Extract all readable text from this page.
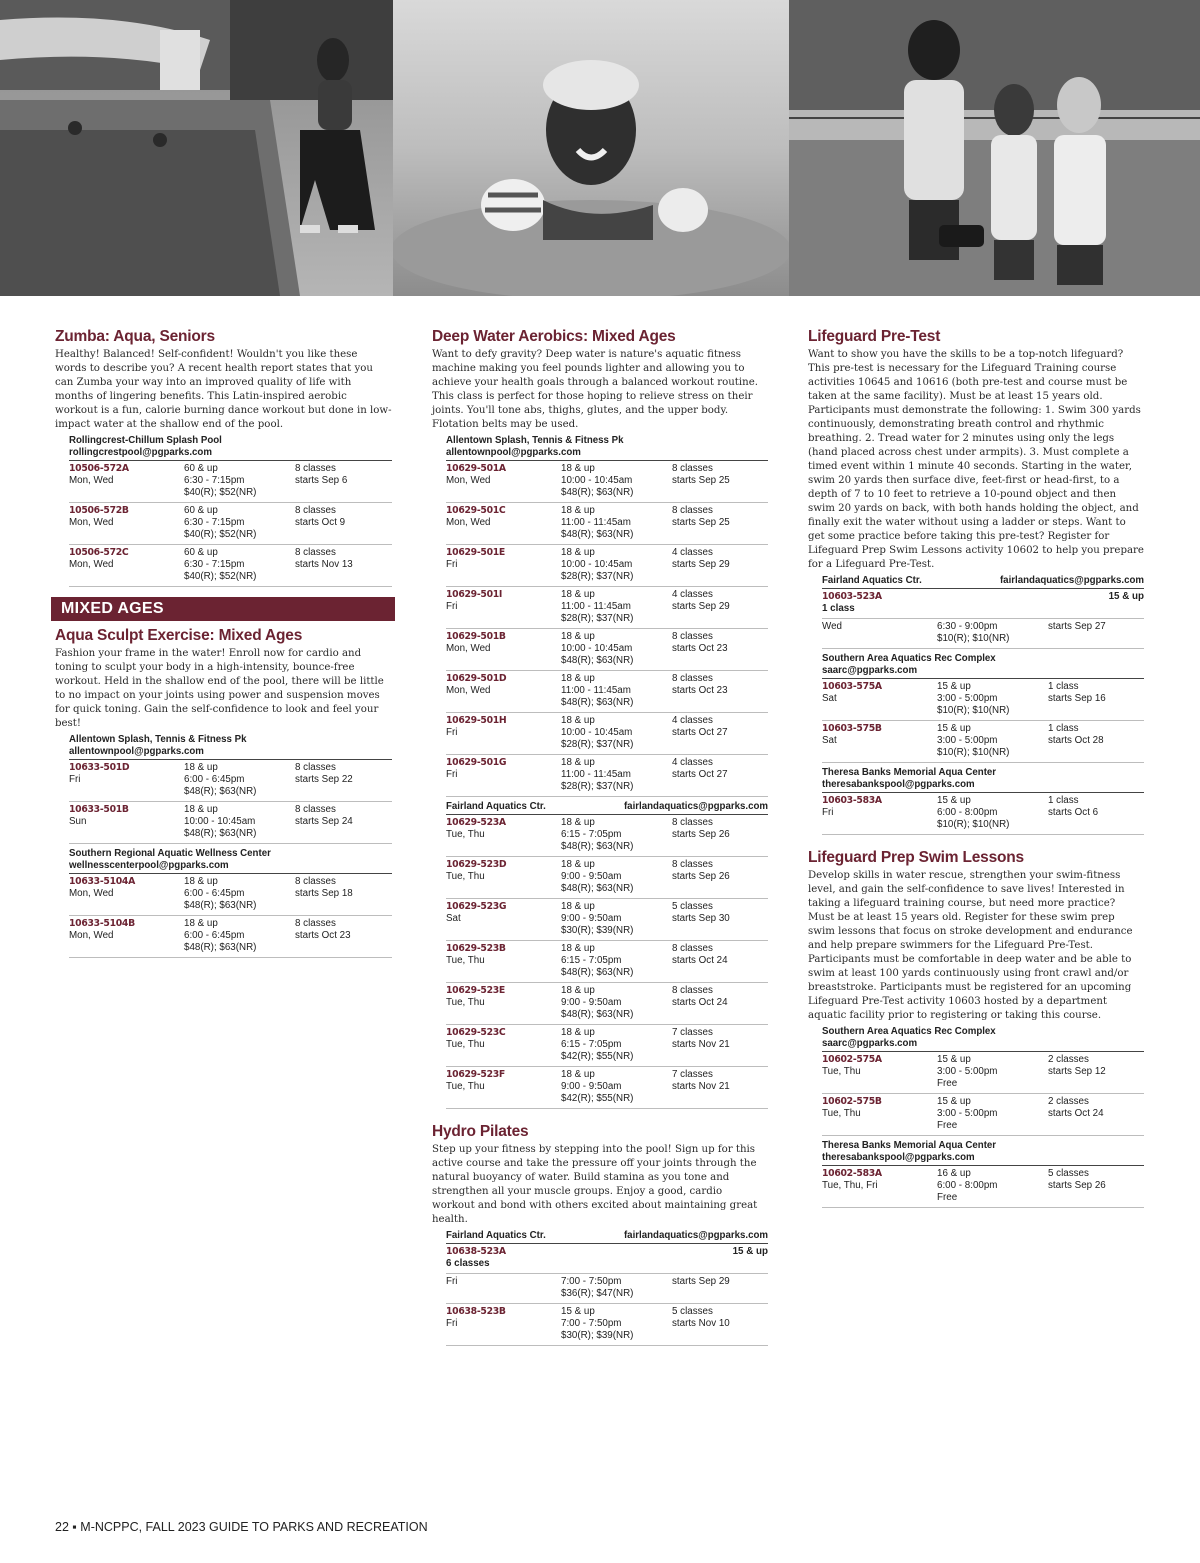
Zumba: Aqua, Seniors

Healthy! Balanced! Self-confident! Wouldn't you like these words to describe you? A recent health report states that you can Zumba your way into an improved quality of life with months of lingering benefits. This Latin-inspired aerobic workout is a fun, calorie burning dance workout but done in low-impact water at the shallow end of the pool.

Rollingcrest-Chillum Splash Pool
rollingcrestpool@pgparks.com
10506-572A	60 & up	8 classes
Mon, Wed	6:30 - 7:15pm	starts Sep 6
$40(R); $52(NR)
10506-572B	60 & up	8 classes
Mon, Wed	6:30 - 7:15pm	starts Oct 9
$40(R); $52(NR)
10506-572C	60 & up	8 classes
Mon, Wed	6:30 - 7:15pm	starts Nov 13
$40(R); $52(NR)
MIXED AGES
Aqua Sculpt Exercise: Mixed Ages

Fashion your frame in the water! Enroll now for cardio and toning to sculpt your body in a high-intensity, bounce-free workout. Held in the shallow end of the pool, there will be little to no impact on your joints using power and suspension moves for quick toning. Gain the self-confidence to look and feel your best!

Allentown Splash, Tennis & Fitness Pk
allentownpool@pgparks.com
10633-501D	18 & up	8 classes
Fri	6:00 - 6:45pm	starts Sep 22
$48(R); $63(NR)
10633-501B	18 & up	8 classes
Sun	10:00 - 10:45am	starts Sep 24
$48(R); $63(NR)
Southern Regional Aquatic Wellness Center
wellnesscenterpool@pgparks.com
10633-5104A	18 & up	8 classes
Mon, Wed	6:00 - 6:45pm	starts Sep 18
$48(R); $63(NR)
10633-5104B	18 & up	8 classes
Mon, Wed	6:00 - 6:45pm	starts Oct 23
$48(R); $63(NR)
Deep Water Aerobics: Mixed Ages

Want to defy gravity? Deep water is nature's aquatic fitness machine making you feel pounds lighter and allowing you to achieve your health goals through a balanced workout routine. This class is perfect for those hoping to relieve stress on their joints. You'll tone abs, thighs, glutes, and the upper body. Flotation belts may be used.

Allentown Splash, Tennis & Fitness Pk
allentownpool@pgparks.com
10629-501A	18 & up	8 classes
Mon, Wed	10:00 - 10:45am	starts Sep 25
$48(R); $63(NR)
10629-501C	18 & up	8 classes
Mon, Wed	11:00 - 11:45am	starts Sep 25
$48(R); $63(NR)
10629-501E	18 & up	4 classes
Fri	10:00 - 10:45am	starts Sep 29
$28(R); $37(NR)
10629-501I	18 & up	4 classes
Fri	11:00 - 11:45am	starts Sep 29
$28(R); $37(NR)
10629-501B	18 & up	8 classes
Mon, Wed	10:00 - 10:45am	starts Oct 23
$48(R); $63(NR)
10629-501D	18 & up	8 classes
Mon, Wed	11:00 - 11:45am	starts Oct 23
$48(R); $63(NR)
10629-501H	18 & up	4 classes
Fri	10:00 - 10:45am	starts Oct 27
$28(R); $37(NR)
10629-501G	18 & up	4 classes
Fri	11:00 - 11:45am	starts Oct 27
$28(R); $37(NR)
Fairland Aquatics Ctr.	fairlandaquatics@pgparks.com
10629-523A	18 & up	8 classes
Tue, Thu	6:15 - 7:05pm	starts Sep 26
$48(R); $63(NR)
10629-523D	18 & up	8 classes
Tue, Thu	9:00 - 9:50am	starts Sep 26
$48(R); $63(NR)
10629-523G	18 & up	5 classes
Sat	9:00 - 9:50am	starts Sep 30
$30(R); $39(NR)
10629-523B	18 & up	8 classes
Tue, Thu	6:15 - 7:05pm	starts Oct 24
$48(R); $63(NR)
10629-523E	18 & up	8 classes
Tue, Thu	9:00 - 9:50am	starts Oct 24
$48(R); $63(NR)
10629-523C	18 & up	7 classes
Tue, Thu	6:15 - 7:05pm	starts Nov 21
$42(R); $55(NR)
10629-523F	18 & up	7 classes
Tue, Thu	9:00 - 9:50am	starts Nov 21
$42(R); $55(NR)
Hydro Pilates

Step up your fitness by stepping into the pool! Sign up for this active course and take the pressure off your joints through the natural buoyancy of water. Build stamina as you tone and strengthen all your muscle groups. Enjoy a good, cardio workout and bond with others excited about maintaining great health.

Fairland Aquatics Ctr.	fairlandaquatics@pgparks.com
10638-523A	15 & up
6 classes
Fri	7:00 - 7:50pm	starts Sep 29
$36(R); $47(NR)
10638-523B	15 & up	5 classes
Fri	7:00 - 7:50pm	starts Nov 10
$30(R); $39(NR)
Lifeguard Pre-Test

Want to show you have the skills to be a top-notch lifeguard? This pre-test is necessary for the Lifeguard Training course activities 10645 and 10616 (both pre-test and course must be taken at the same facility). Must be at least 15 years old. Participants must demonstrate the following: 1. Swim 300 yards continuously, demonstrating breath control and rhythmic breathing. 2. Tread water for 2 minutes using only the legs (hand placed across chest under armpits). 3. Must complete a timed event within 1 minute 40 seconds. Starting in the water, swim 20 yards then surface dive, feet-first or head-first, to a depth of 7 to 10 feet to retrieve a 10-pound object and then swim 20 yards on back, with both hands holding the object, and finally exit the water without using a ladder or steps. Want to get some practice before taking this pre-test? Register for Lifeguard Prep Swim Lessons activity 10602 to help you prepare for a Lifeguard Pre-Test.

Fairland Aquatics Ctr.	fairlandaquatics@pgparks.com
10603-523A	15 & up
1 class
Wed	6:30 - 9:00pm	starts Sep 27
$10(R); $10(NR)
Southern Area Aquatics Rec Complex
saarc@pgparks.com
10603-575A	15 & up	1 class
Sat	3:00 - 5:00pm	starts Sep 16
$10(R); $10(NR)
10603-575B	15 & up	1 class
Sat	3:00 - 5:00pm	starts Oct 28
$10(R); $10(NR)
Theresa Banks Memorial Aqua Center
theresabankspool@pgparks.com
10603-583A	15 & up	1 class
Fri	6:00 - 8:00pm	starts Oct 6
$10(R); $10(NR)
Lifeguard Prep Swim Lessons

Develop skills in water rescue, strengthen your swim-fitness level, and gain the self-confidence to save lives! Interested in taking a lifeguard training course, but need more practice? Must be at least 15 years old. Register for these swim prep swim lessons that focus on stroke development and endurance and help prepare swimmers for the Lifeguard Pre-Test. Participants must be comfortable in deep water and be able to swim at least 100 yards continuously using front crawl and/or breaststroke. Participants must be registered for an upcoming Lifeguard Pre-Test activity 10603 hosted by a department aquatic facility prior to registering or taking this course.

Southern Area Aquatics Rec Complex
saarc@pgparks.com
10602-575A	15 & up	2 classes
Tue, Thu	3:00 - 5:00pm	starts Sep 12
Free
10602-575B	15 & up	2 classes
Tue, Thu	3:00 - 5:00pm	starts Oct 24
Free
Theresa Banks Memorial Aqua Center
theresabankspool@pgparks.com
10602-583A	16 & up	5 classes
Tue, Thu, Fri	6:00 - 8:00pm	starts Sep 26
Free
22 ▪ M-NCPPC, FALL 2023 GUIDE TO PARKS AND RECREATION
